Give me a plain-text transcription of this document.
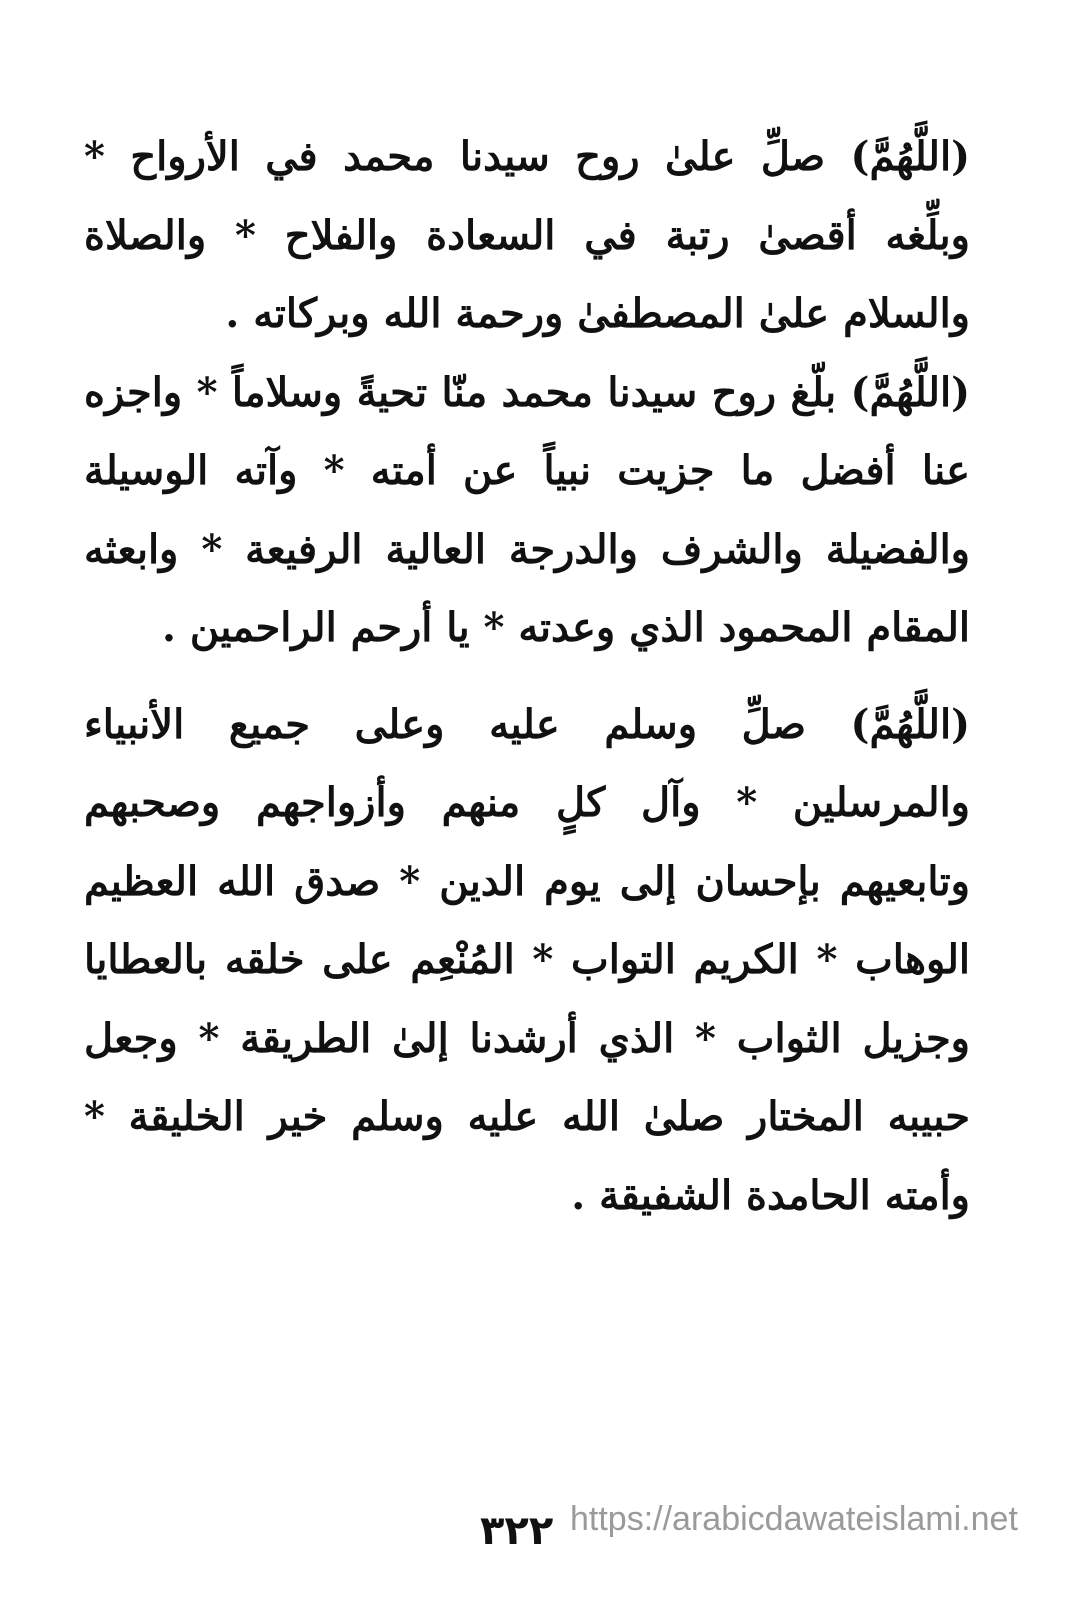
(اللَّهُمَّ) صلِّ علىٰ روح سيدنا محمد في الأرواح * وبلِّغه أقصىٰ رتبة في السعادة والفلاح * والصلاة والسلام علىٰ المصطفىٰ ورحمة الله وبركاته .

(اللَّهُمَّ) بلّغ روح سيدنا محمد منّا تحيةً وسلاماً * واجزه عنا أفضل ما جزيت نبياً عن أمته * وآته الوسيلة والفضيلة والشرف والدرجة العالية الرفيعة * وابعثه المقام المحمود الذي وعدته * يا أرحم الراحمين .

(اللَّهُمَّ) صلِّ وسلم عليه وعلى جميع الأنبياء والمرسلين * وآل كلٍ منهم وأزواجهم وصحبهم وتابعيهم بإحسان إلى يوم الدين * صدق الله العظيم الوهاب * الكريم التواب * المُنْعِم على خلقه بالعطايا وجزيل الثواب * الذي أرشدنا إلىٰ الطريقة * وجعل حبيبه المختار صلىٰ الله عليه وسلم خير الخليقة * وأمته الحامدة الشفيقة .

٣٢٢ https://arabicdawateislami.net
